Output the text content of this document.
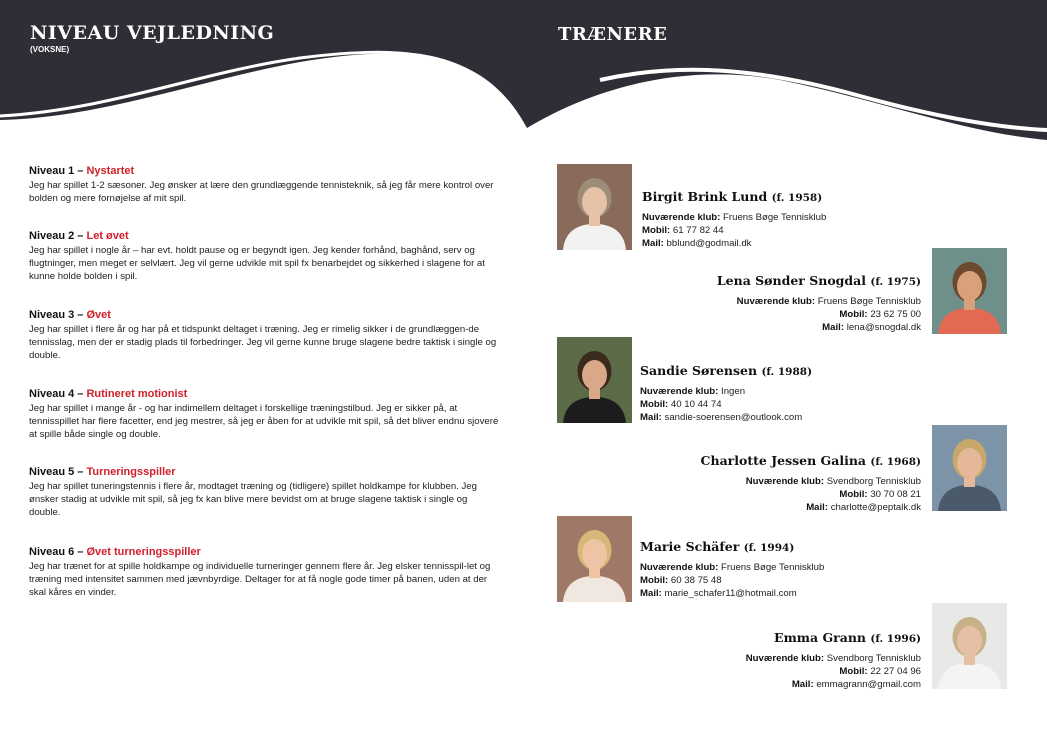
NIVEAU VEJLEDNING
(VOKSNE)
TRÆNERE
Niveau 1 – Nystartet
Jeg har spillet 1-2 sæsoner. Jeg ønsker at lære den grundlæggende tennisteknik, så jeg får mere kontrol over bolden og mere fornøjelse af mit spil.
Niveau 2 – Let øvet
Jeg har spillet i nogle år – har evt. holdt pause og er begyndt igen. Jeg kender forhånd, baghånd, serv og flugtninger, men meget er selvlært. Jeg vil gerne udvikle mit spil fx benarbejdet og sikkerhed i slagene for at kunne holde bolden i spil.
Niveau 3 – Øvet
Jeg har spillet i flere år og har på et tidspunkt deltaget i træning. Jeg er rimelig sikker i de grundlæggen-de tennisslag, men der er stadig plads til forbedringer. Jeg vil gerne kunne bruge slagene bedre taktisk i single og double.
Niveau 4 – Rutineret motionist
Jeg har spillet i mange år - og har indimellem deltaget i forskellige træningstilbud. Jeg er sikker på, at tennisspillet har flere facetter, end jeg mestrer, så jeg er åben for at udvikle mit spil, så det bliver endnu sjovere at spille både single og double.
Niveau 5 – Turneringsspiller
Jeg har spillet tuneringstennis i flere år, modtaget træning og (tidligere) spillet holdkampe for klubben. Jeg ønsker stadig at udvikle mit spil, så jeg fx kan blive mere bevidst om at bruge slagene taktisk i single og double.
Niveau 6 – Øvet turneringsspiller
Jeg har trænet for at spille holdkampe og individuelle turneringer gennem flere år. Jeg elsker tennisspil-let og træning med intensitet sammen med jævnbyrdige. Deltager for at få nogle gode timer på banen, uden at der skal kåres en vinder.
Birgit Brink Lund (f. 1958)
Nuværende klub: Fruens Bøge Tennisklub
Mobil: 61 77 82 44
Mail: bblund@godmail.dk
Lena Sønder Snogdal (f. 1975)
Nuværende klub: Fruens Bøge Tennisklub
Mobil: 23 62 75 00
Mail: lena@snogdal.dk
Sandie Sørensen (f. 1988)
Nuværende klub: Ingen
Mobil: 40 10 44 74
Mail: sandie-soerensen@outlook.com
Charlotte Jessen Galina (f. 1968)
Nuværende klub: Svendborg Tennisklub
Mobil: 30 70 08 21
Mail: charlotte@peptalk.dk
Marie Schäfer (f. 1994)
Nuværende klub: Fruens Bøge Tennisklub
Mobil: 60 38 75 48
Mail: marie_schafer11@hotmail.com
Emma Grann (f. 1996)
Nuværende klub: Svendborg Tennisklub
Mobil: 22 27 04 96
Mail: emmagrann@gmail.com
